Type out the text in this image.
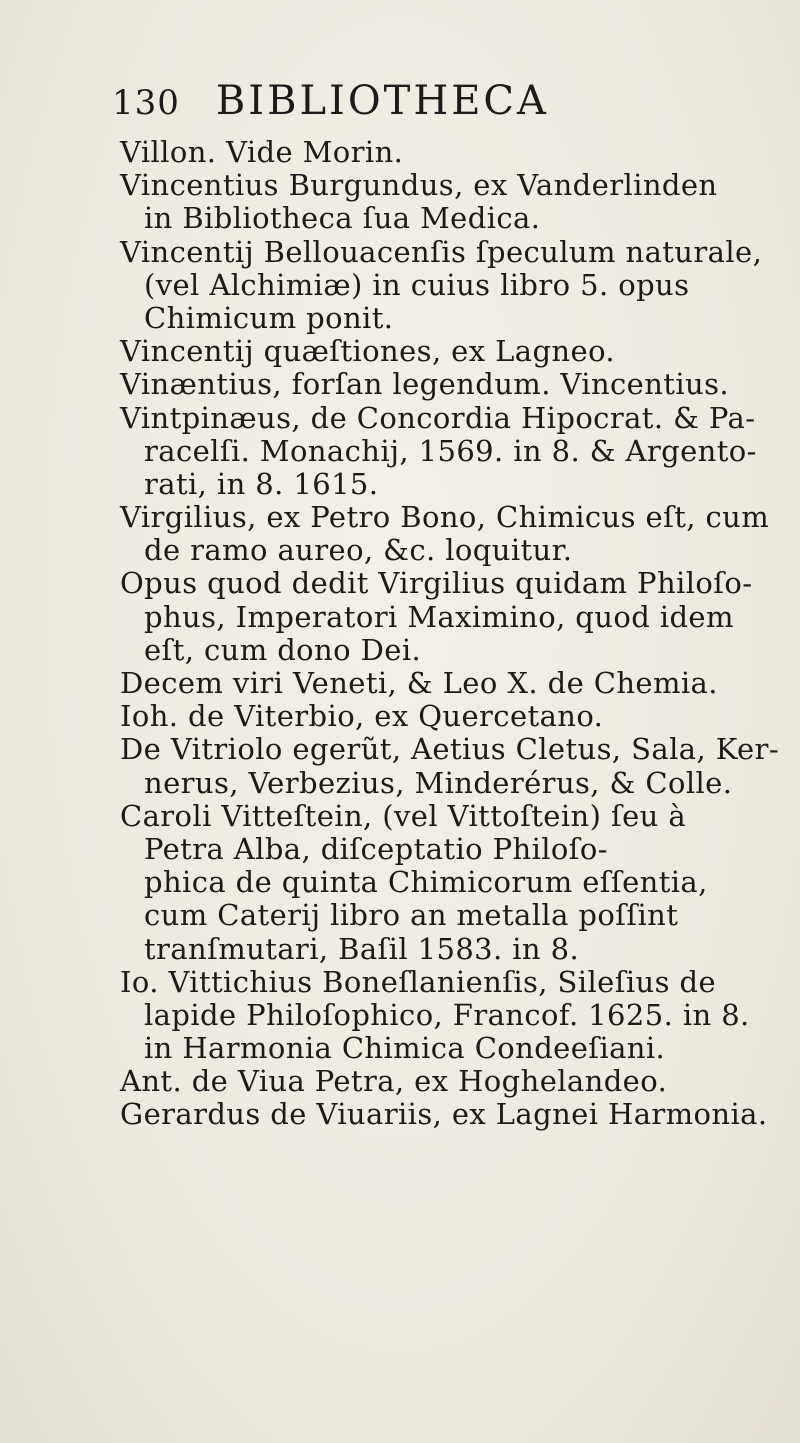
130 BIBLIOTHECA
Villon. Vide Morin.
Vincentius Burgundus, ex Vanderlinden
in Bibliotheca ſua Medica.
Vincentij Bellouacenſis ſpeculum naturale,
(vel Alchimiæ) in cuius libro 5. opus
Chimicum ponit.
Vincentij quæſtiones, ex Lagneo.
Vinæntius, forſan legendum. Vincentius.
Vintpinæus, de Concordia Hipocrat. & Pa-
racelſi. Monachij, 1569. in 8. & Argento-
rati, in 8. 1615.
Virgilius, ex Petro Bono, Chimicus eſt, cum
de ramo aureo, &c. loquitur.
Opus quod dedit Virgilius quidam Philoſo-
phus, Imperatori Maximino, quod idem
eſt, cum dono Dei.
Decem viri Veneti, & Leo X. de Chemia.
Ioh. de Viterbio, ex Quercetano.
De Vitriolo egerũt, Aetius Cletus, Sala, Ker-
nerus, Verbezius, Minderérus, & Colle.
Caroli Vitteſtein, (vel Vittoſtein) ſeu à
Petra Alba, diſceptatio Philoſo-
phica de quinta Chimicorum eſſentia,
cum Caterij libro an metalla poſſint
tranſmutari, Baſil 1583. in 8.
Io. Vittichius Boneſlanienſis, Sileſius de
lapide Philoſophico, Francof. 1625. in 8.
in Harmonia Chimica Condeeſiani.
Ant. de Viua Petra, ex Hoghelandeo.
Gerardus de Viuariis, ex Lagnei Harmonia.
